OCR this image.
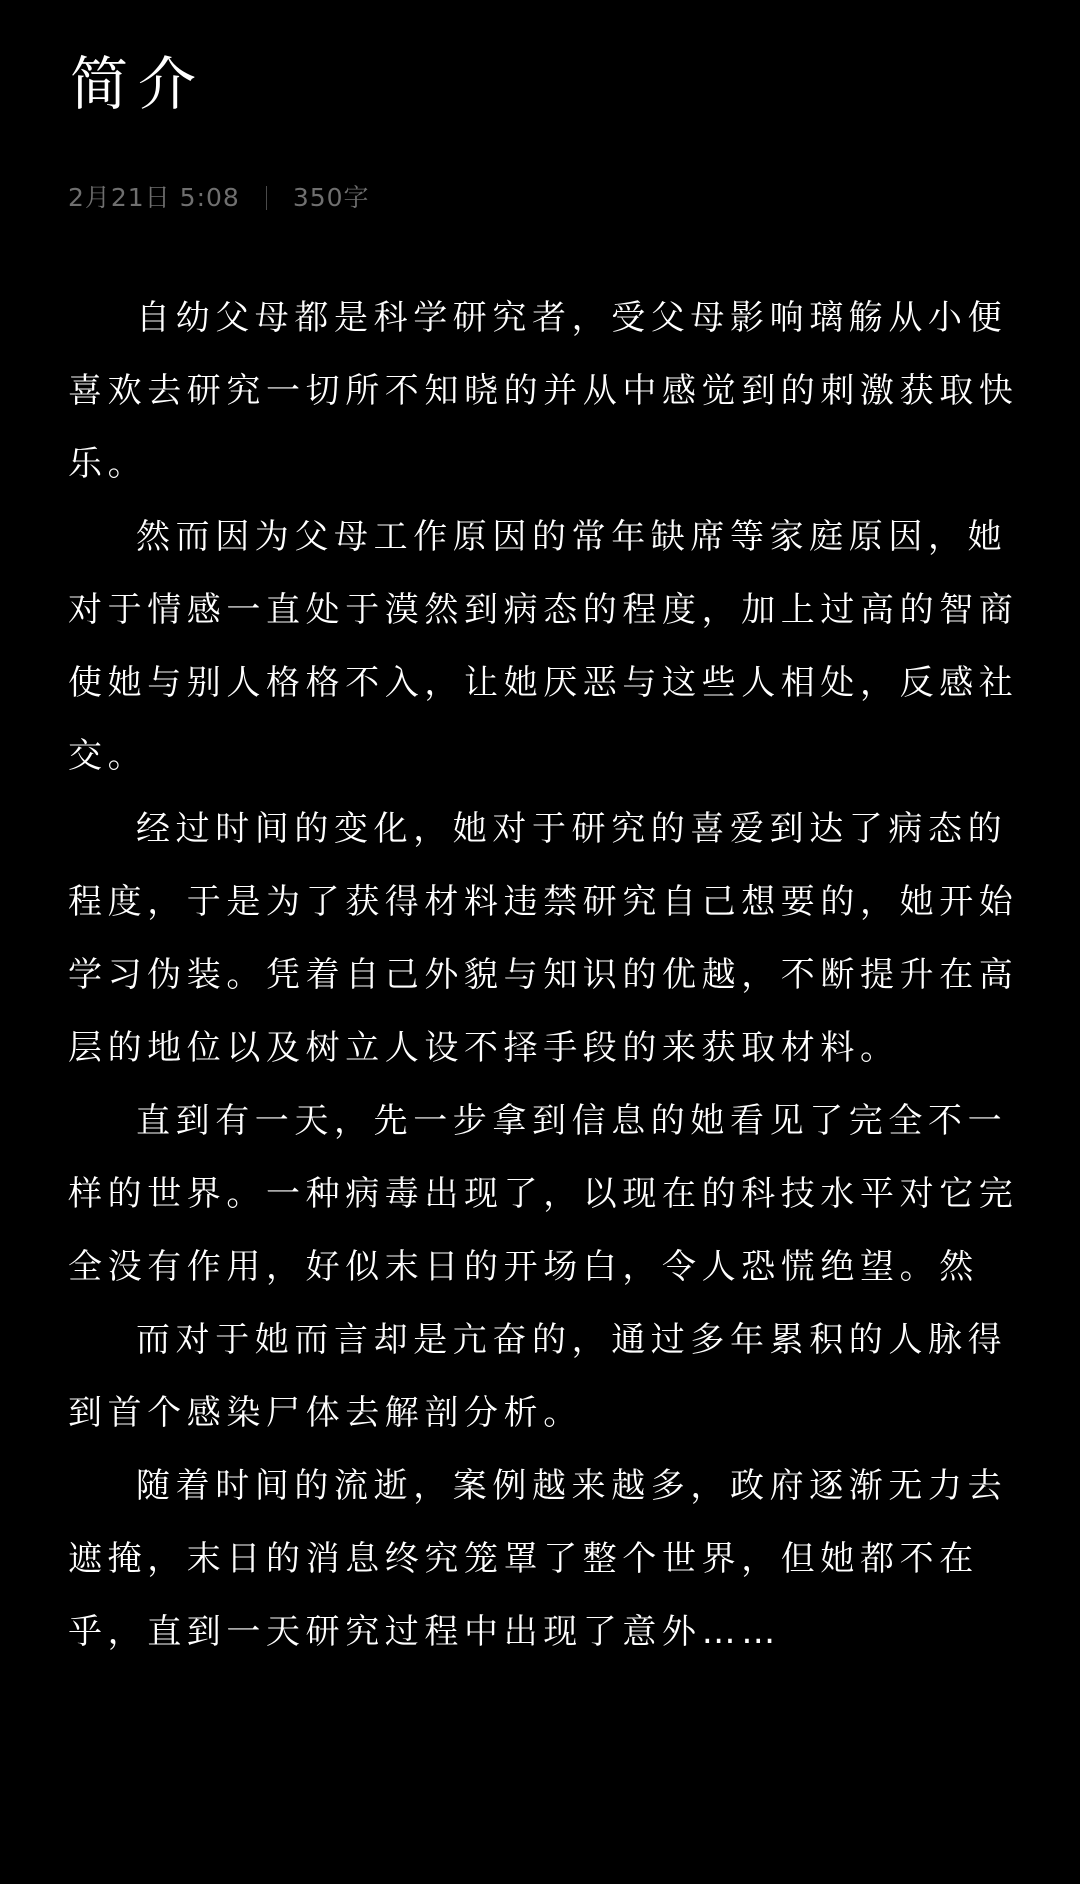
简介
2月21日 5:08 350字

自幼父母都是科学研究者，受父母影响璃觞从小便喜欢去研究一切所不知晓的并从中感觉到的刺激获取快乐。

然而因为父母工作原因的常年缺席等家庭原因，她对于情感一直处于漠然到病态的程度，加上过高的智商使她与别人格格不入，让她厌恶与这些人相处，反感社交。

经过时间的变化，她对于研究的喜爱到达了病态的程度，于是为了获得材料违禁研究自己想要的，她开始学习伪装。凭着自己外貌与知识的优越，不断提升在高层的地位以及树立人设不择手段的来获取材料。

直到有一天，先一步拿到信息的她看见了完全不一样的世界。一种病毒出现了，以现在的科技水平对它完全没有作用，好似末日的开场白，令人恐慌绝望。然

而对于她而言却是亢奋的，通过多年累积的人脉得到首个感染尸体去解剖分析。

随着时间的流逝，案例越来越多，政府逐渐无力去遮掩，末日的消息终究笼罩了整个世界，但她都不在乎，直到一天研究过程中出现了意外……
